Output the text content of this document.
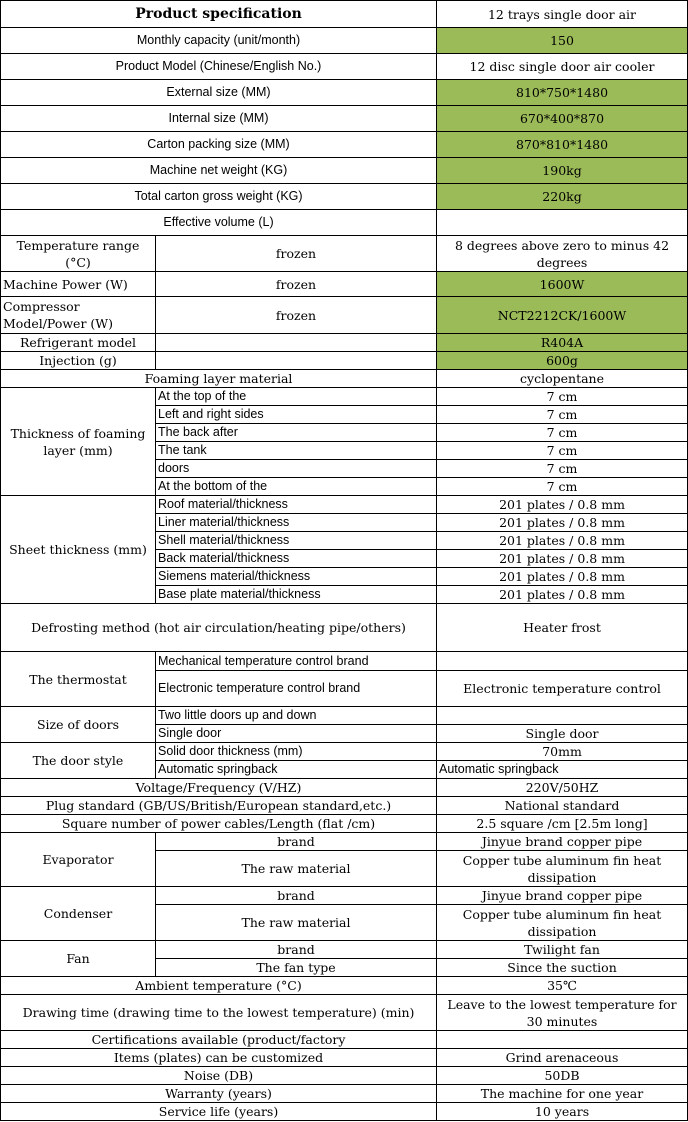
Product specification		12 trays single door air
Monthly capacity (unit/month)		150
Product Model (Chinese/English No.)		12 disc single door air cooler
External size (MM)		810*750*1480
Internal size (MM)		670*400*870
Carton packing size (MM)		870*810*1480
Machine net weight (KG)		190kg
Total carton gross weight (KG)		220kg
Effective volume (L)		
Temperature range (°C)	frozen	8 degrees above zero to minus 42 degrees
Machine Power (W)	frozen	1600W
Compressor Model/Power (W)	frozen	NCT2212CK/1600W
Refrigerant model		R404A
Injection (g)		600g
Foaming layer material		cyclopentane
Thickness of foaming layer (mm)	At the top of the	7 cm
	Left and right sides	7 cm
	The back after	7 cm
	The tank	7 cm
	doors	7 cm
	At the bottom of the	7 cm
Sheet thickness (mm)	Roof material/thickness	201 plates / 0.8 mm
	Liner material/thickness	201 plates / 0.8 mm
	Shell material/thickness	201 plates / 0.8 mm
	Back material/thickness	201 plates / 0.8 mm
	Siemens material/thickness	201 plates / 0.8 mm
	Base plate material/thickness	201 plates / 0.8 mm
Defrosting method (hot air circulation/heating pipe/others)		Heater frost
The thermostat	Mechanical temperature control brand	
	Electronic temperature control brand	Electronic temperature control
Size of doors	Two little doors up and down	
	Single door	Single door
The door style	Solid door thickness (mm)	70mm
	Automatic springback	Automatic springback
Voltage/Frequency (V/HZ)		220V/50HZ
Plug standard (GB/US/British/European standard,etc.)		National standard
Square number of power cables/Length (flat /cm)		2.5 square /cm [2.5m long]
Evaporator	brand	Jinyue brand copper pipe
	The raw material	Copper tube aluminum fin heat dissipation
Condenser	brand	Jinyue brand copper pipe
	The raw material	Copper tube aluminum fin heat dissipation
Fan	brand	Twilight fan
	The fan type	Since the suction
Ambient temperature (°C)		35℃
Drawing time (drawing time to the lowest temperature) (min)		Leave to the lowest temperature for 30 minutes
Certifications available (product/factory		
Items (plates) can be customized		Grind arenaceous
Noise (DB)		50DB
Warranty (years)		The machine for one year
Service life (years)		10 years
